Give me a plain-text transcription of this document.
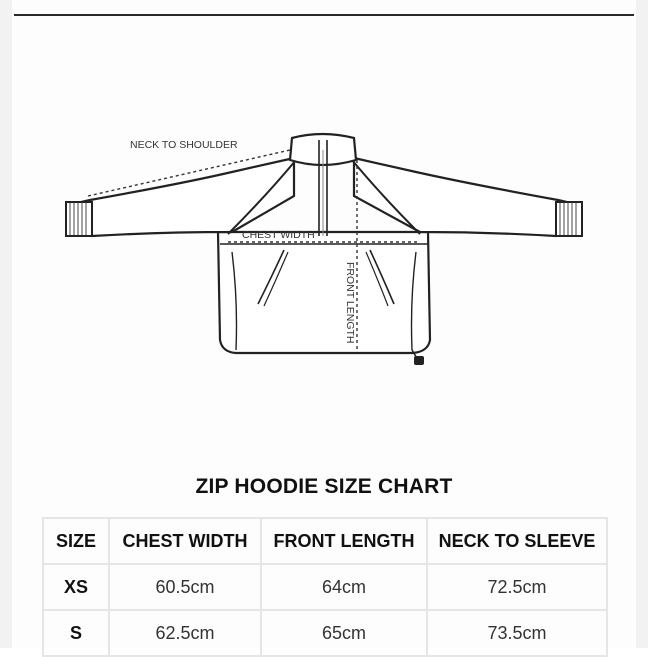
NECK TO SHOULDER
CHEST WIDTH
FRONT LENGTH
ZIP HOODIE SIZE CHART
SIZE	CHEST WIDTH	FRONT LENGTH	NECK TO SLEEVE
XS	60.5cm	64cm	72.5cm
S	62.5cm	65cm	73.5cm
